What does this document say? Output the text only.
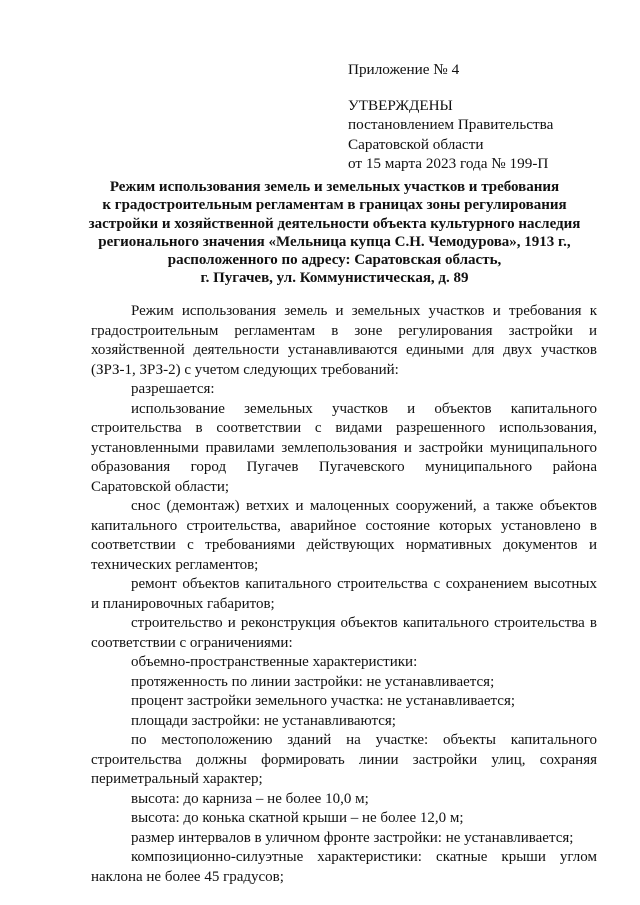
Приложение № 4
УТВЕРЖДЕНЫ
постановлением Правительства
Саратовской области
от 15 марта 2023 года № 199-П
Режим использования земель и земельных участков и требования
к градостроительным регламентам в границах зоны регулирования
застройки и хозяйственной деятельности объекта культурного наследия
регионального значения «Мельница купца С.Н. Чемодурова», 1913 г.,
расположенного по адресу: Саратовская область,
г. Пугачев, ул. Коммунистическая, д. 89
Режим использования земель и земельных участков и требования к градостроительным регламентам в зоне регулирования застройки и хозяйственной деятельности устанавливаются едиными для двух участков (ЗРЗ-1, ЗРЗ-2) с учетом следующих требований:
разрешается:
использование земельных участков и объектов капитального строительства в соответствии с видами разрешенного использования, установленными правилами землепользования и застройки муниципального образования город Пугачев Пугачевского муниципального района Саратовской области;
снос (демонтаж) ветхих и малоценных сооружений, а также объектов капитального строительства, аварийное состояние которых установлено в соответствии с требованиями действующих нормативных документов и технических регламентов;
ремонт объектов капитального строительства с сохранением высотных и планировочных габаритов;
строительство и реконструкция объектов капитального строительства в соответствии с ограничениями:
объемно-пространственные характеристики:
протяженность по линии застройки: не устанавливается;
процент застройки земельного участка: не устанавливается;
площади застройки: не устанавливаются;
по местоположению зданий на участке: объекты капитального строительства должны формировать линии застройки улиц, сохраняя периметральный характер;
высота: до карниза – не более 10,0 м;
высота: до конька скатной крыши – не более 12,0 м;
размер интервалов в уличном фронте застройки: не устанавливается;
композиционно-силуэтные характеристики: скатные крыши углом наклона не более 45 градусов;
